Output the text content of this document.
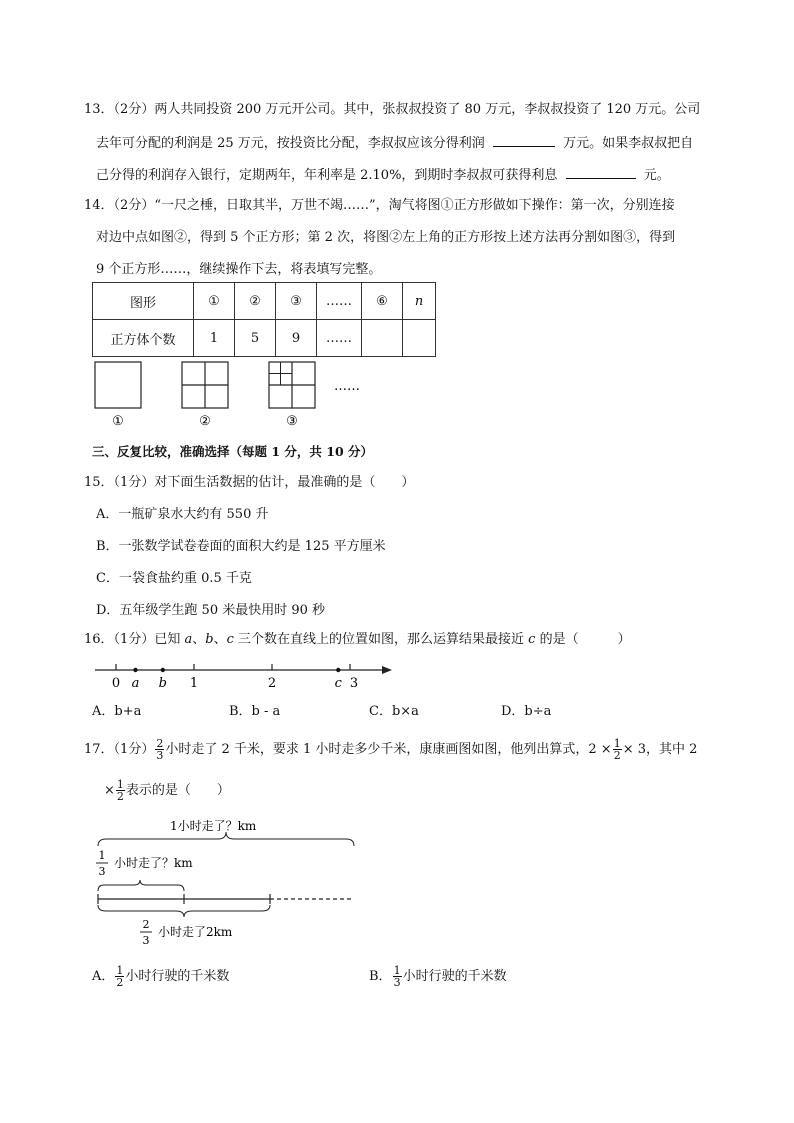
13．（2分）两人共同投资 200 万元开公司。其中，张叔叔投资了 80 万元，李叔叔投资了 120 万元。公司
去年可分配的利润是 25 万元，按投资比分配，李叔叔应该分得利润	万元。如果李叔叔把自
己分得的利润存入银行，定期两年，年利率是 2.10%，到期时李叔叔可获得利息	元。
14．（2分）“一尺之棰，日取其半，万世不竭……”，淘气将图①正方形做如下操作：第一次，分别连接
对边中点如图②，得到 5 个正方形；第 2 次，将图②左上角的正方形按上述方法再分割如图③，得到
9 个正方形……，继续操作下去，将表填写完整。
图形	①	②	③	……	⑥	n
正方体个数	1	5	9	……		
①	②	③
……
三、反复比较，准确选择（每题 1 分，共 10 分）
15．（1分）对下面生活数据的估计，最准确的是（　　）
A．一瓶矿泉水大约有 550 升
B．一张数学试卷卷面的面积大约是 125 平方厘米
C．一袋食盐约重 0.5 千克
D．五年级学生跑 50 米最快用时 90 秒
16．（1分）已知 a、b、c 三个数在直线上的位置如图，那么运算结果最接近 c 的是（　　　）
0	1	2	3
a b	c
A．b+a	B．b - a	C．b×a	D．b÷a
17．（1分） $\frac{2}{3}$ 小时走了 2 千米，要求 1 小时走多少千米，康康画图如图，他列出算式，$2 \times \frac{1}{2} \times 3$，其中 2
× $\frac{1}{2}$ 表示的是（　　）
1小时走了？km
1
3
小时走了？km
2
3
小时走了2km
A． $\frac{1}{2}$ 小时行驶的千米数	B． $\frac{1}{3}$ 小时行驶的千米数
